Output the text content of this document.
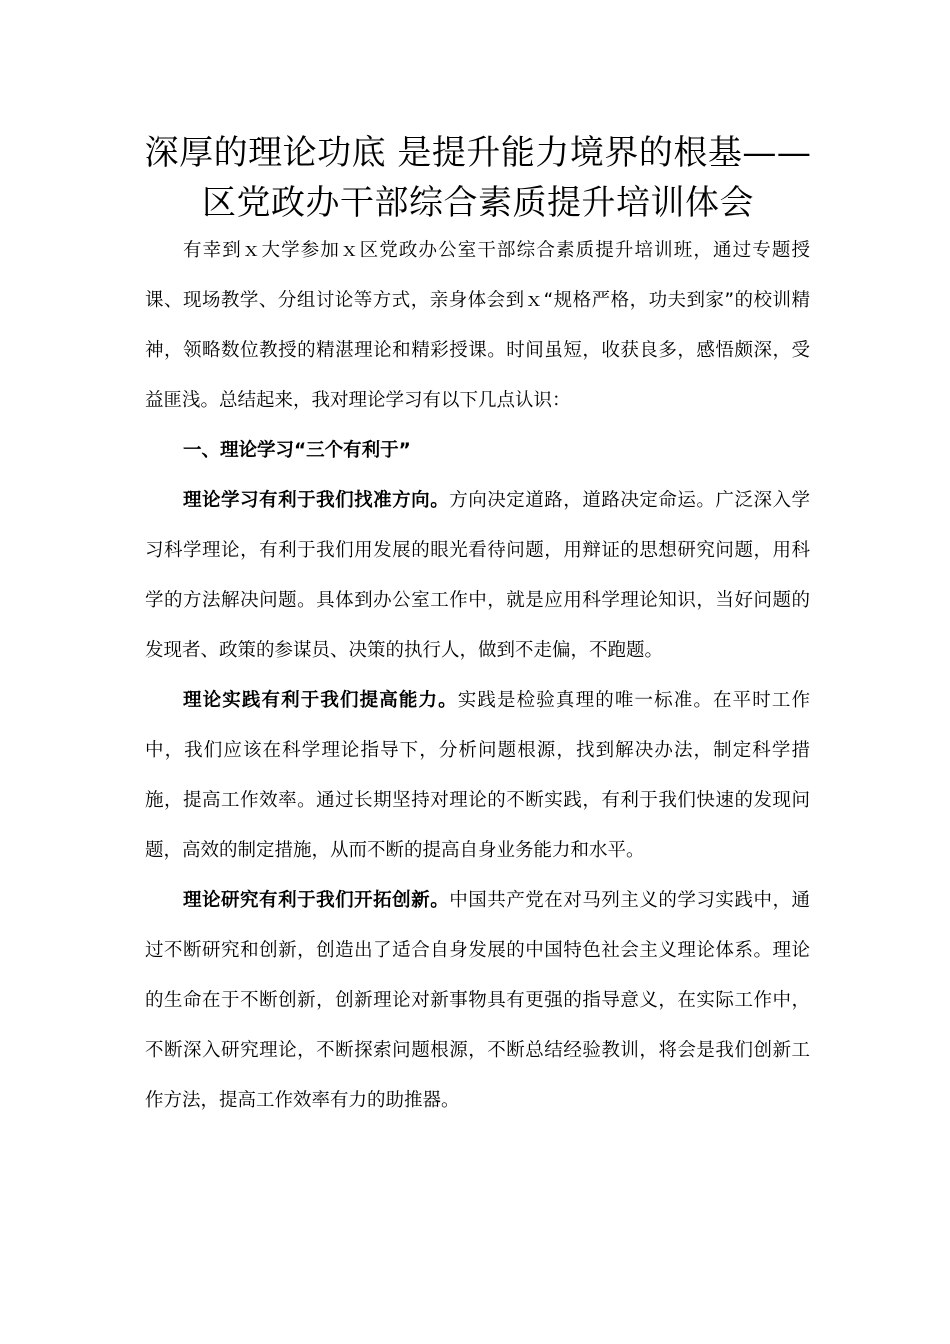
深厚的理论功底 是提升能力境界的根基——区党政办干部综合素质提升培训体会

有幸到ｘ大学参加ｘ区党政办公室干部综合素质提升培训班，通过专题授课、现场教学、分组讨论等方式，亲身体会到ｘ“规格严格，功夫到家”的校训精神，领略数位教授的精湛理论和精彩授课。时间虽短，收获良多，感悟颇深，受益匪浅。总结起来，我对理论学习有以下几点认识：

一、理论学习“三个有利于”

理论学习有利于我们找准方向。方向决定道路，道路决定命运。广泛深入学习科学理论，有利于我们用发展的眼光看待问题，用辩证的思想研究问题，用科学的方法解决问题。具体到办公室工作中，就是应用科学理论知识，当好问题的发现者、政策的参谋员、决策的执行人，做到不走偏，不跑题。

理论实践有利于我们提高能力。实践是检验真理的唯一标准。在平时工作中，我们应该在科学理论指导下，分析问题根源，找到解决办法，制定科学措施，提高工作效率。通过长期坚持对理论的不断实践，有利于我们快速的发现问题，高效的制定措施，从而不断的提高自身业务能力和水平。

理论研究有利于我们开拓创新。中国共产党在对马列主义的学习实践中，通过不断研究和创新，创造出了适合自身发展的中国特色社会主义理论体系。理论的生命在于不断创新，创新理论对新事物具有更强的指导意义，在实际工作中，不断深入研究理论，不断探索问题根源，不断总结经验教训，将会是我们创新工作方法，提高工作效率有力的助推器。
